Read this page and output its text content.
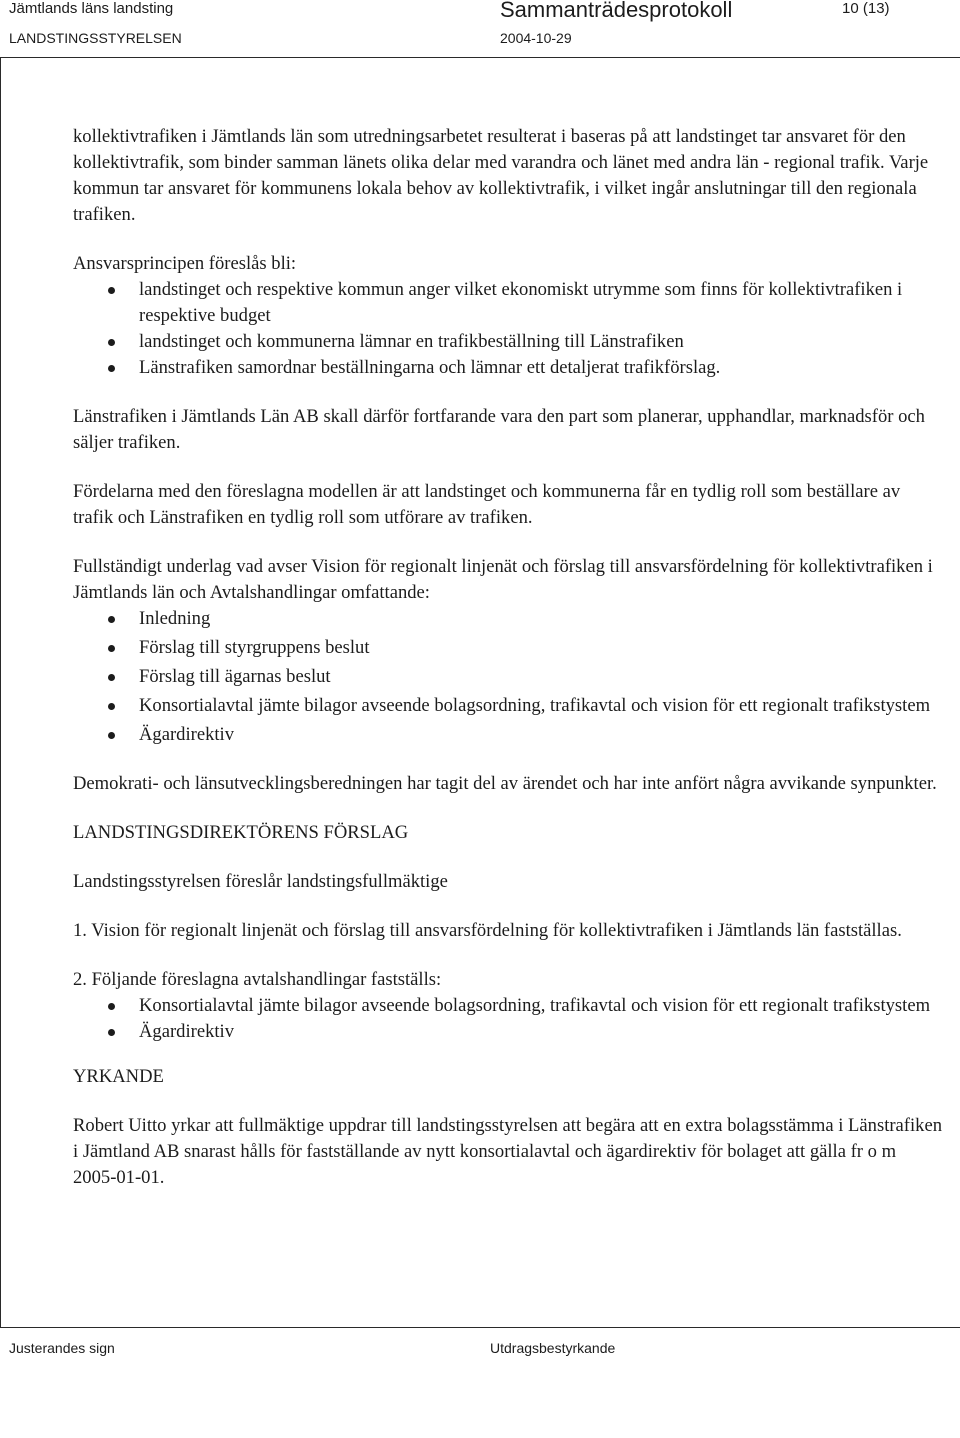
Jämtlands läns landsting	Sammanträdesprotokoll	10 (13)
LANDSTINGSSTYRELSEN	2004-10-29

kollektivtrafiken i Jämtlands län som utredningsarbetet resulterat i baseras på att landstinget tar ansvaret för den kollektivtrafik, som binder samman länets olika delar med varandra och länet med andra län - regional trafik. Varje kommun tar ansvaret för kommunens lokala behov av kollektivtrafik, i vilket ingår anslutningar till den regionala trafiken.

Ansvarsprincipen föreslås bli:

landstinget och respektive kommun anger vilket ekonomiskt utrymme som finns för kollektivtrafiken i respektive budget
landstinget och kommunerna lämnar en trafikbeställning till Länstrafiken
Länstrafiken samordnar beställningarna och lämnar ett detaljerat trafikförslag.

Länstrafiken i Jämtlands Län AB skall därför fortfarande vara den part som planerar, upphandlar, marknadsför och säljer trafiken.

Fördelarna med den föreslagna modellen är att landstinget och kommunerna får en tydlig roll som beställare av trafik och Länstrafiken en tydlig roll som utförare av trafiken.

Fullständigt underlag vad avser Vision för regionalt linjenät och förslag till ansvarsfördelning för kollektivtrafiken i Jämtlands län och Avtalshandlingar omfattande:

Inledning
Förslag till styrgruppens beslut
Förslag till ägarnas beslut
Konsortialavtal jämte bilagor avseende bolagsordning, trafikavtal och vision för ett regionalt trafikstystem
Ägardirektiv

Demokrati- och länsutvecklingsberedningen har tagit del av ärendet och har inte anfört några avvikande synpunkter.

LANDSTINGSDIREKTÖRENS FÖRSLAG

Landstingsstyrelsen föreslår landstingsfullmäktige

1. Vision för regionalt linjenät och förslag till ansvarsfördelning för kollektivtrafiken i Jämtlands län fastställas.

2. Följande föreslagna avtalshandlingar fastställs:

Konsortialavtal jämte bilagor avseende bolagsordning, trafikavtal och vision för ett regionalt trafikstystem
Ägardirektiv

YRKANDE

Robert Uitto yrkar att fullmäktige uppdrar till landstingsstyrelsen att begära att en extra bolagsstämma i Länstrafiken i Jämtland AB snarast hålls för fastställande av nytt konsortialavtal och ägardirektiv för bolaget att gälla fr o m 2005-01-01.

Justerandes sign	Utdragsbestyrkande
